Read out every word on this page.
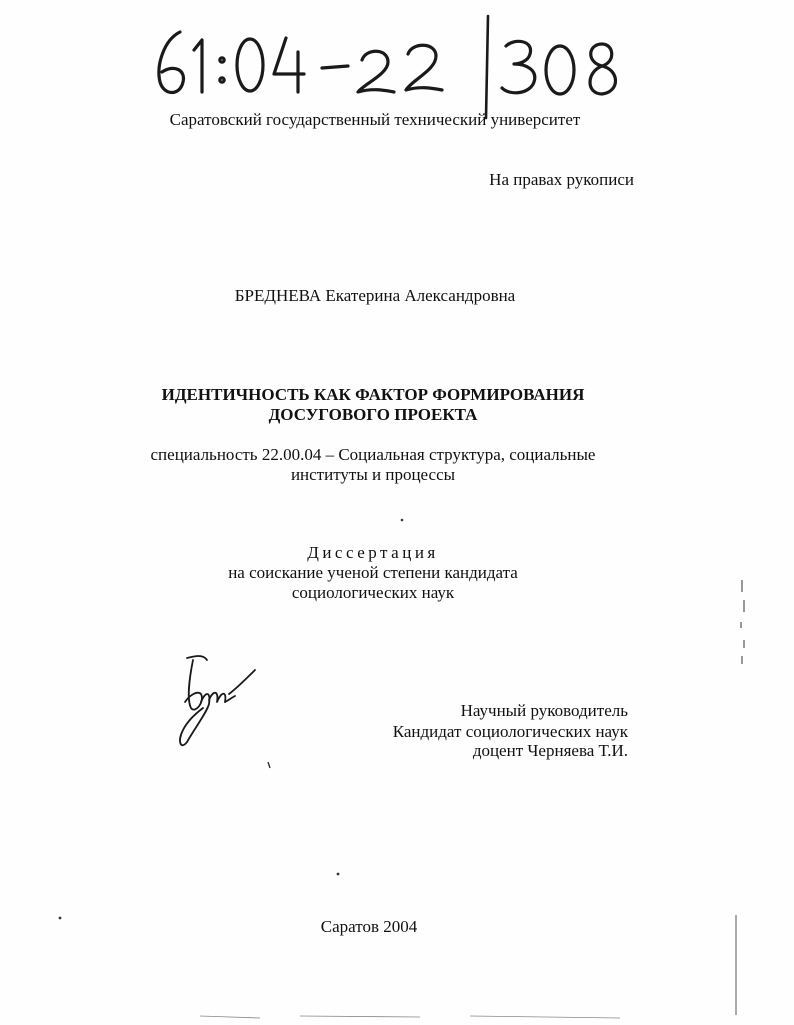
Саратовский государственный технический университет
На правах рукописи
БРЕДНЕВА Екатерина Александровна
ИДЕНТИЧНОСТЬ КАК ФАКТОР ФОРМИРОВАНИЯ
ДОСУГОВОГО ПРОЕКТА
специальность 22.00.04 – Социальная структура, социальные
институты и процессы
Диссертация
на соискание ученой степени кандидата
социологических наук
Научный руководитель
Кандидат социологических наук
доцент Черняева Т.И.
Саратов 2004
